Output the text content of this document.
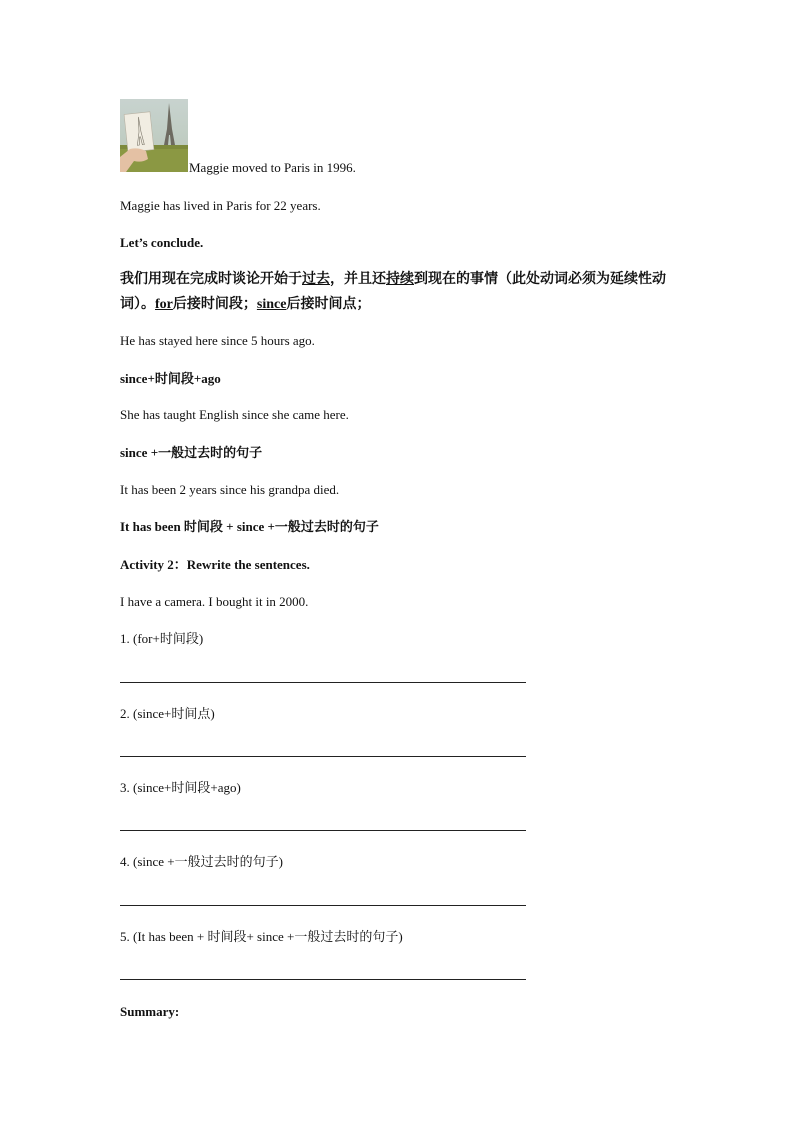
Maggie moved to Paris in 1996.
Maggie has lived in Paris for 22 years.
Let’s conclude.
我们用现在完成时谈论开始于过去，并且还持续到现在的事情（此处动词必须为延续性动
词）。for后接时间段；since后接时间点；
He has stayed here since 5 hours ago.
since+时间段+ago
She has taught English since she came here.
since +一般过去时的句子
It has been 2 years since his grandpa died.
It has been 时间段 + since +一般过去时的句子
Activity 2：Rewrite the sentences.
I have a camera. I bought it in 2000.
1. (for+时间段)
2. (since+时间点)
3. (since+时间段+ago)
4. (since +一般过去时的句子)
5. (It has been + 时间段+ since +一般过去时的句子)
Summary:
